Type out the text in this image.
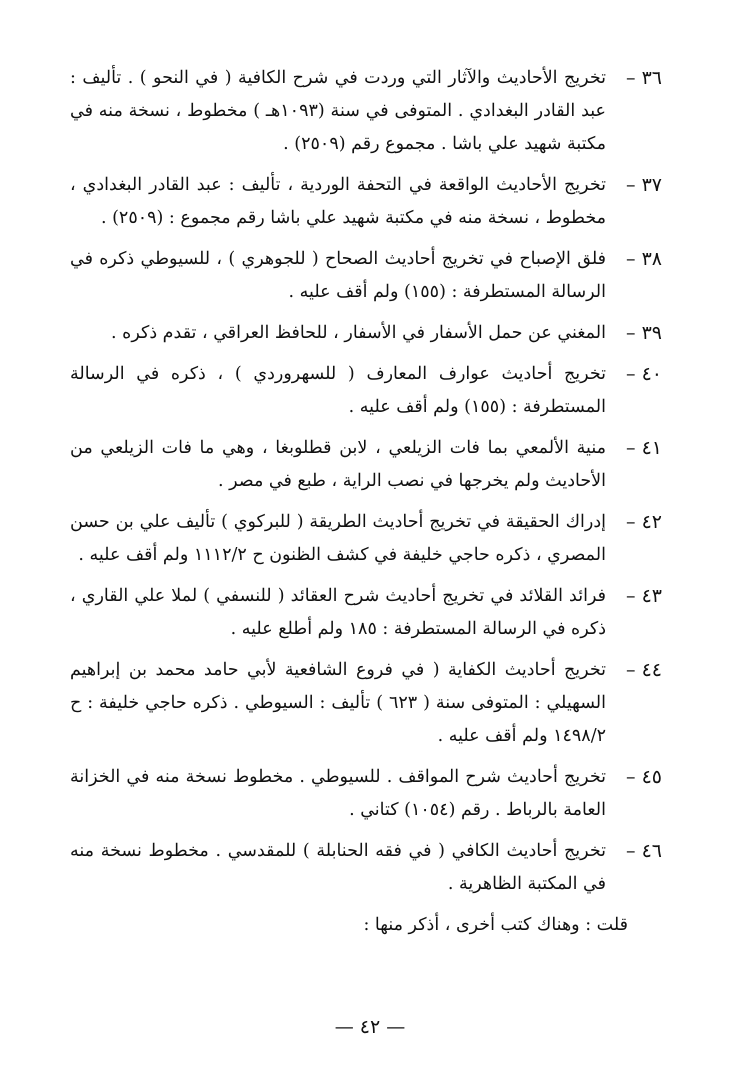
٣٦ –
تخريج الأحاديث والآثار التي وردت في شرح الكافية ( في النحو ) . تأليف : عبد القادر البغدادي . المتوفى في سنة (١٠٩٣هـ ) مخطوط ، نسخة منه في مكتبة شهيد علي باشا . مجموع رقم (٢٥٠٩) .
٣٧ –
تخريج الأحاديث الواقعة في التحفة الوردية ، تأليف : عبد القادر البغدادي ، مخطوط ، نسخة منه في مكتبة شهيد علي باشا رقم مجموع : (٢٥٠٩) .
٣٨ –
فلق الإصباح في تخريج أحاديث الصحاح ( للجوهري ) ، للسيوطي ذكره في الرسالة المستطرفة : (١٥٥) ولم أقف عليه .
٣٩ –
المغني عن حمل الأسفار في الأسفار ، للحافظ العراقي ، تقدم ذكره .
٤٠ –
تخريج أحاديث عوارف المعارف ( للسهروردي ) ، ذكره في الرسالة المستطرفة : (١٥٥) ولم أقف عليه .
٤١ –
منية الألمعي بما فات الزيلعي ، لابن قطلوبغا ، وهي ما فات الزيلعي من الأحاديث ولم يخرجها في نصب الراية ، طبع في مصر .
٤٢ –
إدراك الحقيقة في تخريج أحاديث الطريقة ( للبركوي ) تأليف علي بن حسن المصري ، ذكره حاجي خليفة في كشف الظنون ح ١١١٢/٢ ولم أقف عليه .
٤٣ –
فرائد القلائد في تخريج أحاديث شرح العقائد ( للنسفي ) لملا علي القاري ، ذكره في الرسالة المستطرفة : ١٨٥ ولم أطلع عليه .
٤٤ –
تخريج أحاديث الكفاية ( في فروع الشافعية لأبي حامد محمد بن إبراهيم السهيلي : المتوفى سنة ( ٦٢٣ ) تأليف : السيوطي . ذكره حاجي خليفة : ح ١٤٩٨/٢ ولم أقف عليه .
٤٥ –
تخريج أحاديث شرح المواقف . للسيوطي . مخطوط نسخة منه في الخزانة العامة بالرباط . رقم (١٠٥٤) كتاني .
٤٦ –
تخريج أحاديث الكافي ( في فقه الحنابلة ) للمقدسي . مخطوط نسخة منه في المكتبة الظاهرية .
قلت : وهناك كتب أخرى ، أذكر منها :
— ٤٢ —
